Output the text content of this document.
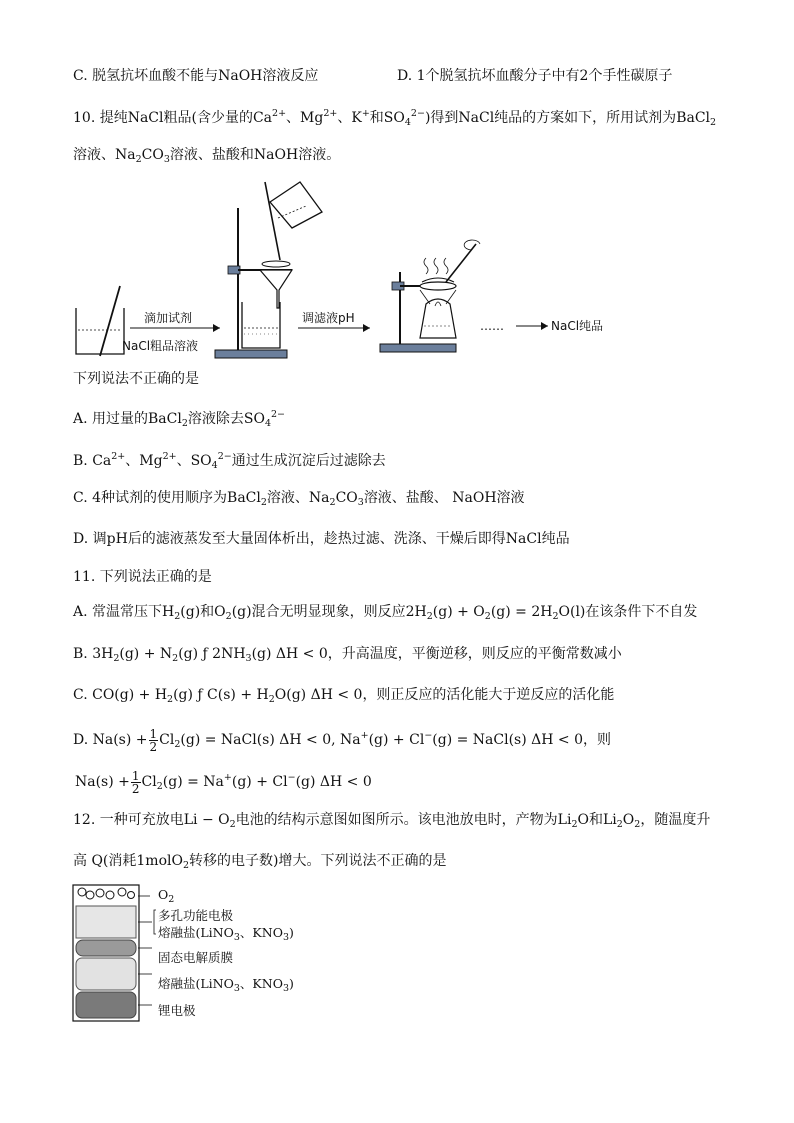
C. 脱氢抗坏血酸不能与NaOH溶液反应	D. 1个脱氢抗坏血酸分子中有2个手性碳原子
10. 提纯NaCl粗品(含少量的$Ca^{2+}$、$Mg^{2+}$、K+和$SO_4^{2-}$)得到NaCl纯品的方案如下，所用试剂为BaCl$_2$
溶液、$Na_2CO_3$溶液、盐酸和NaOH溶液。
NaCl粗品溶液
滴加试剂	调滤液pH
……	NaCl纯品
下列说法不正确的是
A. 用过量的BaCl$_2$溶液除去$SO_4^{2-}$
B. $Ca^{2+}$、$Mg^{2+}$、$SO_4^{2-}$通过生成沉淀后过滤除去
C. 4种试剂的使用顺序为BaCl$_2$溶液、$Na_2CO_3$溶液、盐酸、 NaOH溶液
D. 调pH后的滤液蒸发至大量固体析出，趁热过滤、洗涤、干燥后即得NaCl纯品
11. 下列说法正确的是
A. 常温常压下$H_2(g)$和$O_2(g)$混合无明显现象，则反应$2H_2(g) + O_2(g) = 2H_2O(l)$在该条件下不自发
B. $3H_2(g) + N_2(g)$ ƒ $2NH_3(g) \Delta H < 0$，升高温度，平衡逆移，则反应的平衡常数减小
C. $CO(g) + H_2(g)$ ƒ $C(s) + H_2O(g) \Delta H < 0$，则正反应的活化能大于逆反应的活化能
D. $Na(s) + \frac{1}{2} Cl_2(g)$ = NaCl(s) ΔH < 0, Na+(g) + Cl−(g) = NaCl(s) ΔH < 0，则
$Na(s) + \frac{1}{2} Cl_2(g) = Na^+(g) + Cl^-(g) \Delta H < 0$
12. 一种可充放电$Li - O_2$电池的结构示意图如图所示。该电池放电时，产物为$Li_2O$和$Li_2O_2$，随温度升
高 Q(消耗1molO$_2$转移的电子数)增大。下列说法不正确的是
$O_2$
多孔功能电极
熔融盐(LiNO$_3$、$KNO_3$)
固态电解质膜
熔融盐(LiNO$_3$、$KNO_3$)
锂电极
